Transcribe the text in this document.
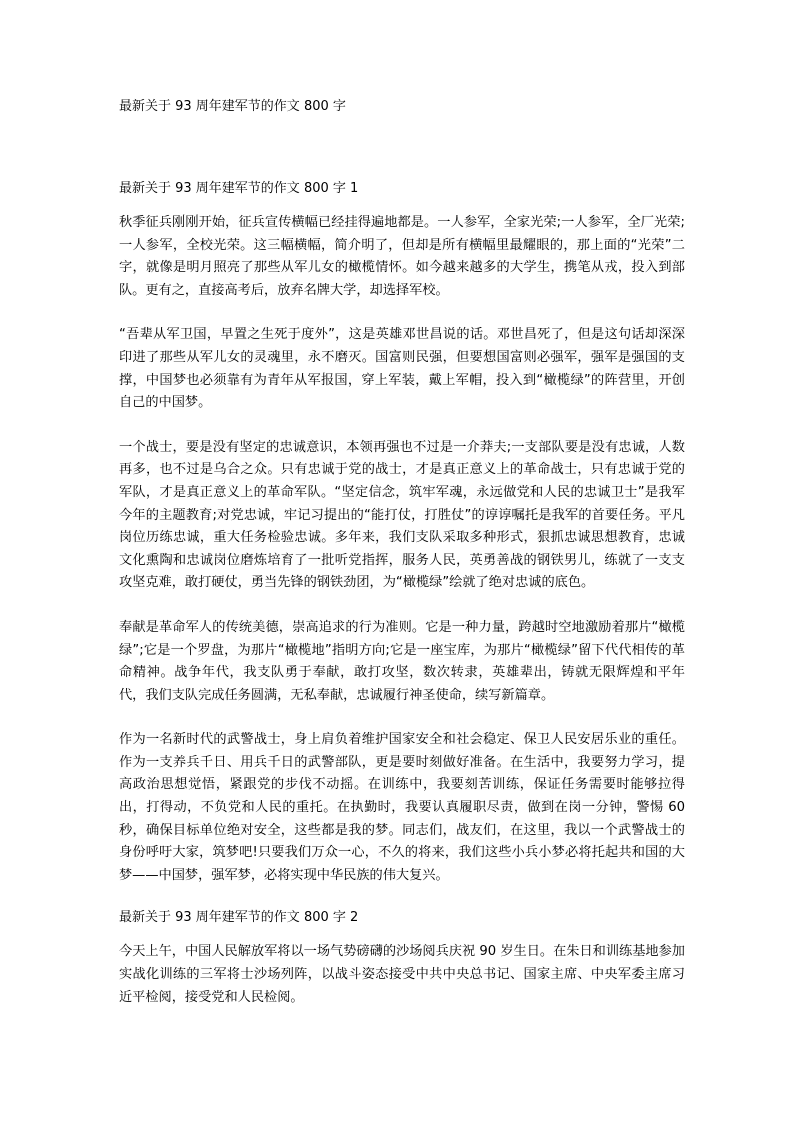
最新关于 93 周年建军节的作文 800 字
最新关于 93 周年建军节的作文 800 字 1

秋季征兵刚刚开始，征兵宣传横幅已经挂得遍地都是。一人参军，全家光荣;一人参军，全厂光荣;一人参军，全校光荣。这三幅横幅，简介明了，但却是所有横幅里最耀眼的，那上面的“光荣”二字，就像是明月照亮了那些从军儿女的橄榄情怀。如今越来越多的大学生，携笔从戎，投入到部队。更有之，直接高考后，放弃名牌大学，却选择军校。

“吾辈从军卫国，早置之生死于度外”，这是英雄邓世昌说的话。邓世昌死了，但是这句话却深深印进了那些从军儿女的灵魂里，永不磨灭。国富则民强，但要想国富则必强军，强军是强国的支撑，中国梦也必须靠有为青年从军报国，穿上军装，戴上军帽，投入到“橄榄绿”的阵营里，开创自己的中国梦。

一个战士，要是没有坚定的忠诚意识，本领再强也不过是一介莽夫;一支部队要是没有忠诚，人数再多，也不过是乌合之众。只有忠诚于党的战士，才是真正意义上的革命战士，只有忠诚于党的军队，才是真正意义上的革命军队。“坚定信念，筑牢军魂，永远做党和人民的忠诚卫士”是我军今年的主题教育;对党忠诚，牢记习提出的“能打仗，打胜仗”的谆谆嘱托是我军的首要任务。平凡岗位历练忠诚，重大任务检验忠诚。多年来，我们支队采取多种形式，狠抓忠诚思想教育，忠诚文化熏陶和忠诚岗位磨炼培育了一批听党指挥，服务人民，英勇善战的钢铁男儿，练就了一支支攻坚克难，敢打硬仗，勇当先锋的钢铁劲团，为“橄榄绿”绘就了绝对忠诚的底色。

奉献是革命军人的传统美德，崇高追求的行为准则。它是一种力量，跨越时空地激励着那片“橄榄绿”;它是一个罗盘，为那片“橄榄地”指明方向;它是一座宝库，为那片“橄榄绿”留下代代相传的革命精神。战争年代，我支队勇于奉献，敢打攻坚，数次转隶，英雄辈出，铸就无限辉煌和平年代，我们支队完成任务圆满，无私奉献，忠诚履行神圣使命，续写新篇章。

作为一名新时代的武警战士，身上肩负着维护国家安全和社会稳定、保卫人民安居乐业的重任。作为一支养兵千日、用兵千日的武警部队，更是要时刻做好准备。在生活中，我要努力学习，提高政治思想觉悟，紧跟党的步伐不动摇。在训练中，我要刻苦训练，保证任务需要时能够拉得出，打得动，不负党和人民的重托。在执勤时，我要认真履职尽责，做到在岗一分钟，警惕 60 秒，确保目标单位绝对安全，这些都是我的梦。同志们，战友们，在这里，我以一个武警战士的身份呼吁大家，筑梦吧!只要我们万众一心，不久的将来，我们这些小兵小梦必将托起共和国的大梦——中国梦，强军梦，必将实现中华民族的伟大复兴。

最新关于 93 周年建军节的作文 800 字 2

今天上午，中国人民解放军将以一场气势磅礴的沙场阅兵庆祝 90 岁生日。在朱日和训练基地参加实战化训练的三军将士沙场列阵，以战斗姿态接受中共中央总书记、国家主席、中央军委主席习近平检阅，接受党和人民检阅。
